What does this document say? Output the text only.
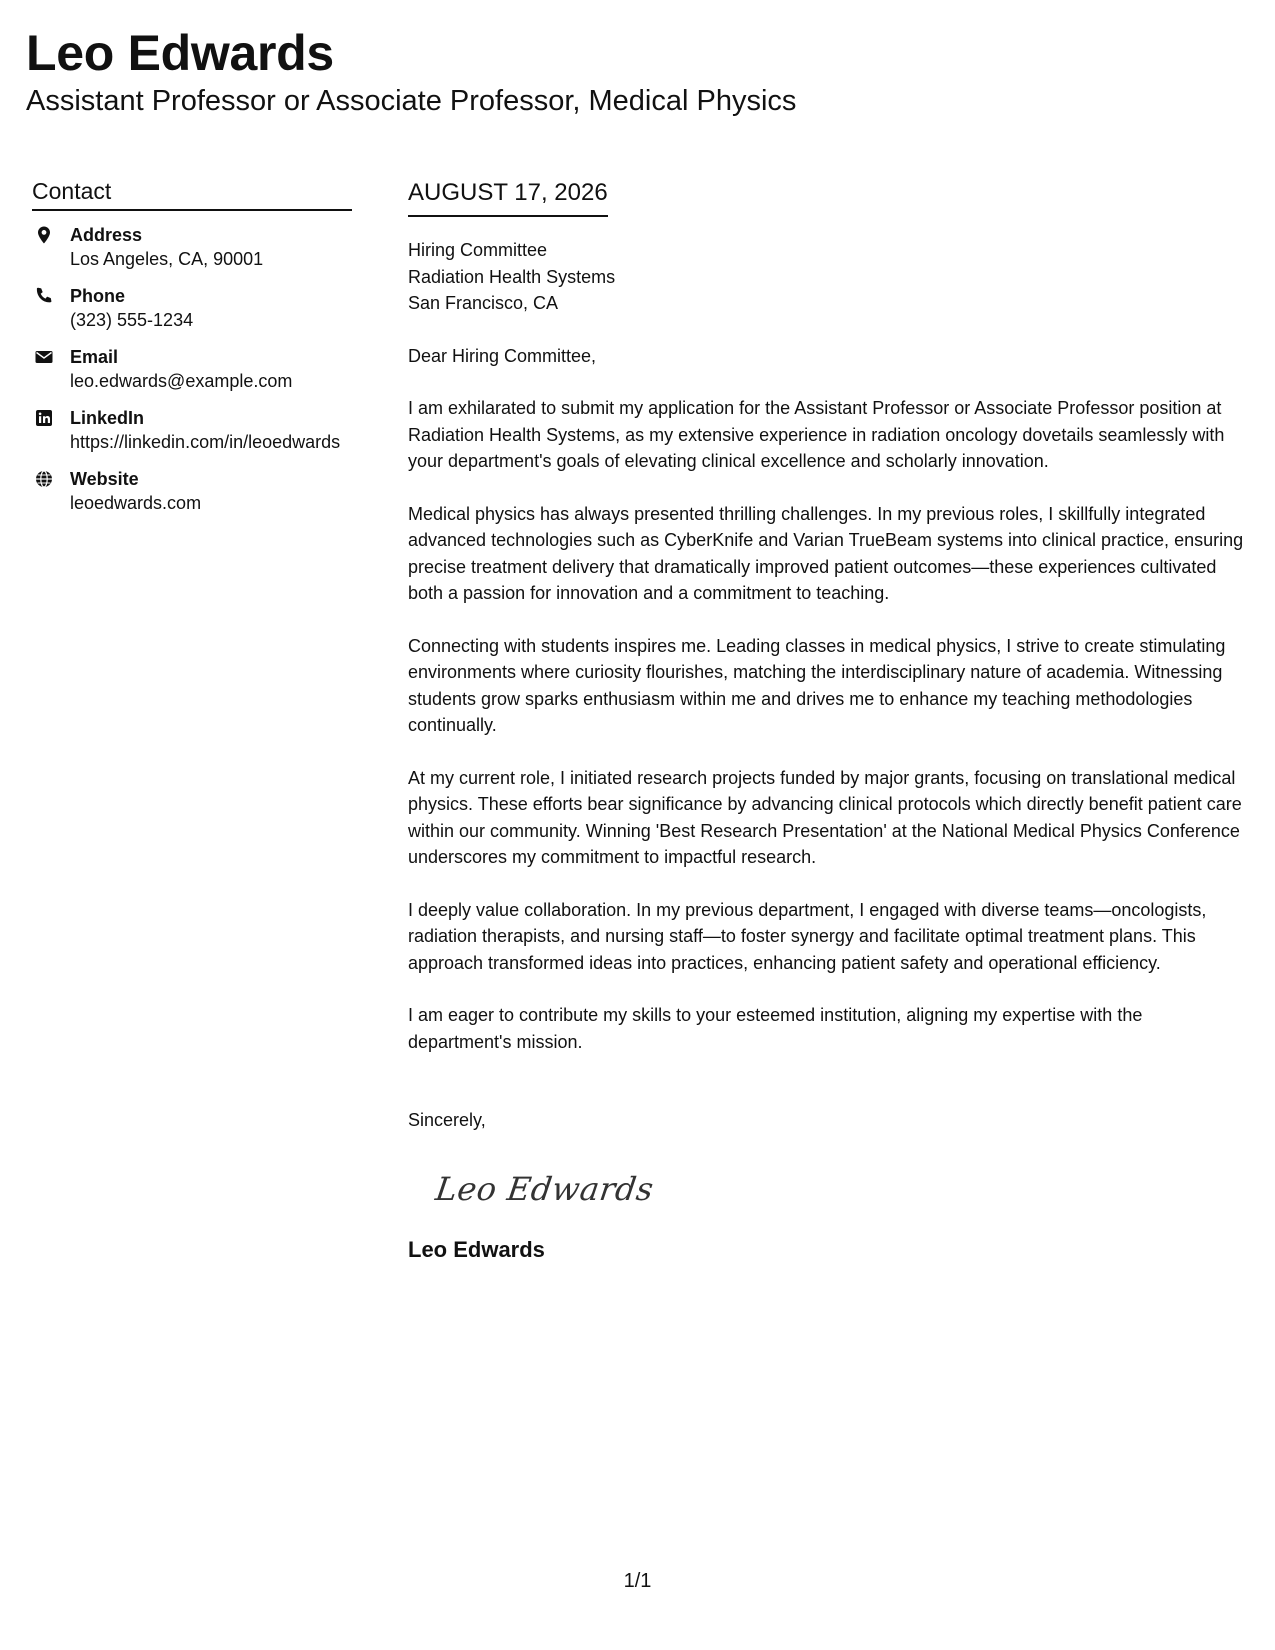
Leo Edwards
Assistant Professor or Associate Professor, Medical Physics
Contact
Address
Los Angeles, CA, 90001
Phone
(323) 555-1234
Email
leo.edwards@example.com
LinkedIn
https://linkedin.com/in/leoedwards
Website
leoedwards.com
AUGUST 17, 2026
Hiring Committee
Radiation Health Systems
San Francisco, CA

Dear Hiring Committee,

I am exhilarated to submit my application for the Assistant Professor or Associate Professor position at Radiation Health Systems, as my extensive experience in radiation oncology dovetails seamlessly with your department's goals of elevating clinical excellence and scholarly innovation.

Medical physics has always presented thrilling challenges. In my previous roles, I skillfully integrated advanced technologies such as CyberKnife and Varian TrueBeam systems into clinical practice, ensuring precise treatment delivery that dramatically improved patient outcomes—these experiences cultivated both a passion for innovation and a commitment to teaching.

Connecting with students inspires me. Leading classes in medical physics, I strive to create stimulating environments where curiosity flourishes, matching the interdisciplinary nature of academia. Witnessing students grow sparks enthusiasm within me and drives me to enhance my teaching methodologies continually.

At my current role, I initiated research projects funded by major grants, focusing on translational medical physics. These efforts bear significance by advancing clinical protocols which directly benefit patient care within our community. Winning 'Best Research Presentation' at the National Medical Physics Conference underscores my commitment to impactful research.

I deeply value collaboration. In my previous department, I engaged with diverse teams—oncologists, radiation therapists, and nursing staff—to foster synergy and facilitate optimal treatment plans. This approach transformed ideas into practices, enhancing patient safety and operational efficiency.

I am eager to contribute my skills to your esteemed institution, aligning my expertise with the department's mission.

Sincerely,
Leo Edwards
Leo Edwards
1/1
